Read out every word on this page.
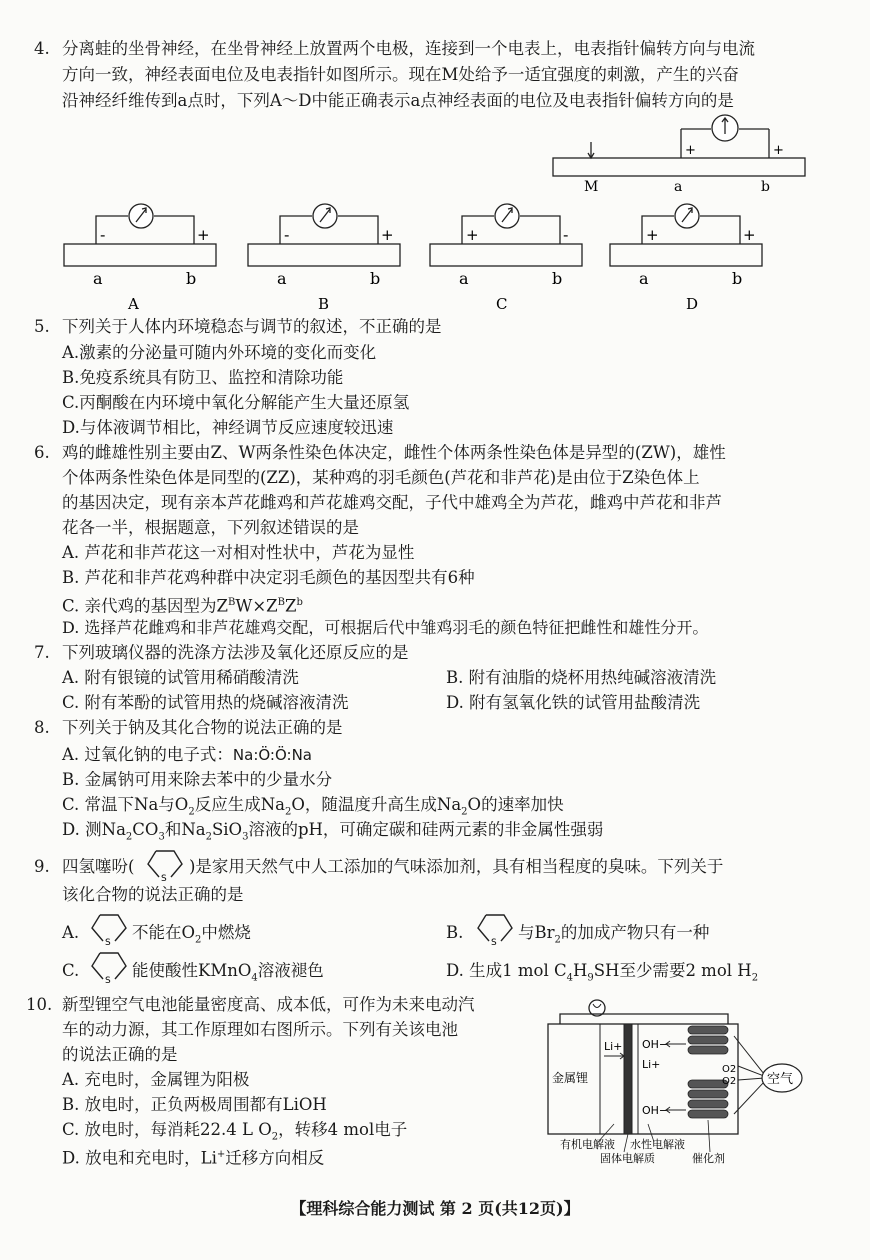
4. 分离蛙的坐骨神经，在坐骨神经上放置两个电极，连接到一个电表上，电表指针偏转方向与电流
方向一致，神经表面电位及电表指针如图所示。现在M处给予一适宜强度的刺激，产生的兴奋
沿神经纤维传到a点时，下列A～D中能正确表示a点神经表面的电位及电表指针偏转方向的是
+	+
M	a	b
-	+
a	b
A
-	+
a	b
B
+	-
a	b
C
+	+
a	b
D
5. 下列关于人体内环境稳态与调节的叙述，不正确的是
A.激素的分泌量可随内外环境的变化而变化
B.免疫系统具有防卫、监控和清除功能
C.丙酮酸在内环境中氧化分解能产生大量还原氢
D.与体液调节相比，神经调节反应速度较迅速
6. 鸡的雌雄性别主要由Z、W两条性染色体决定，雌性个体两条性染色体是异型的(ZW)，雄性
个体两条性染色体是同型的(ZZ)，某种鸡的羽毛颜色(芦花和非芦花)是由位于Z染色体上
的基因决定，现有亲本芦花雌鸡和芦花雄鸡交配，子代中雄鸡全为芦花，雌鸡中芦花和非芦
花各一半，根据题意，下列叙述错误的是
A. 芦花和非芦花这一对相对性状中，芦花为显性
B. 芦花和非芦花鸡种群中决定羽毛颜色的基因型共有6种
C. 亲代鸡的基因型为$Z^BW\times Z^BZ^b$
D. 选择芦花雌鸡和非芦花雄鸡交配，可根据后代中雏鸡羽毛的颜色特征把雌性和雄性分开。
7. 下列玻璃仪器的洗涤方法涉及氧化还原反应的是
A. 附有银镜的试管用稀硝酸清洗	B. 附有油脂的烧杯用热纯碱溶液清洗
C. 附有苯酚的试管用热的烧碱溶液清洗	D. 附有氢氧化铁的试管用盐酸清洗
8. 下列关于钠及其化合物的说法正确的是
A. 过氧化钠的电子式：Na:Ö:Ö:Na
B. 金属钠可用来除去苯中的少量水分
C. 常温下Na与$O_2$反应生成$Na_2O$，随温度升高生成$Na_2O$的速率加快
D. 测$Na_2CO_3$和$Na_2SiO_3$溶液的pH，可确定碳和硅两元素的非金属性强弱
9. 四氢噻吩(
S
)是家用天然气中人工添加的气味添加剂，具有相当程度的臭味。下列关于
该化合物的说法正确的是
A.
S
不能在$O_2$中燃烧	B.
S
与$Br_2$的加成产物只有一种
C.
S
能使酸性KMnO$_4$溶液褪色	D. 生成1 mol $C_4H_9SH$至少需要2 mol $H_2$
10. 新型锂空气电池能量密度高、成本低，可作为未来电动汽
车的动力源，其工作原理如右图所示。下列有关该电池
的说法正确的是
A. 充电时，金属锂为阳极
B. 放电时，正负两极周围都有LiOH
C. 放电时，每消耗22.4 L $O_2$，转移4 mol电子
D. 放电和充电时，Li+迁移方向相反
金属锂
Li+ OH−
Li+
OH−
O2
O2 空气
有机电解液 水性电解液
固体电解质	催化剂
【理科综合能力测试 第 2 页(共12页)】
